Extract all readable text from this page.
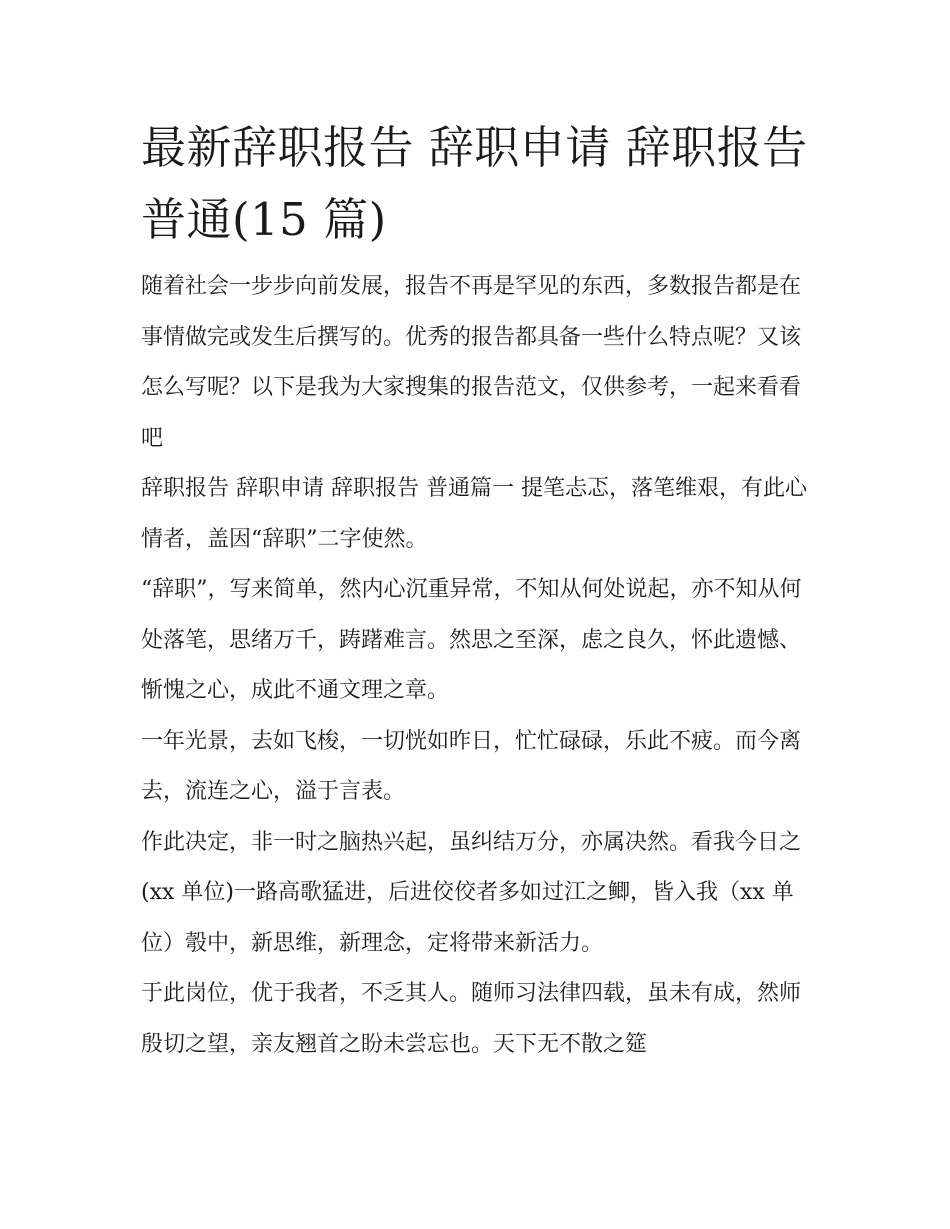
最新辞职报告 辞职申请 辞职报告 普通(15 篇)

随着社会一步步向前发展，报告不再是罕见的东西，多数报告都是在事情做完或发生后撰写的。优秀的报告都具备一些什么特点呢？又该怎么写呢？以下是我为大家搜集的报告范文，仅供参考，一起来看看吧

辞职报告 辞职申请 辞职报告 普通篇一 提笔忐忑，落笔维艰，有此心情者，盖因“辞职”二字使然。

“辞职”，写来简单，然内心沉重异常，不知从何处说起，亦不知从何处落笔，思绪万千，踌躇难言。然思之至深，虑之良久，怀此遗憾、惭愧之心，成此不通文理之章。

一年光景，去如飞梭，一切恍如昨日，忙忙碌碌，乐此不疲。而今离去，流连之心，溢于言表。

作此决定，非一时之脑热兴起，虽纠结万分，亦属决然。看我今日之(xx 单位)一路高歌猛进，后进佼佼者多如过江之鲫，皆入我（xx 单位）彀中，新思维，新理念，定将带来新活力。

于此岗位，优于我者，不乏其人。随师习法律四载，虽未有成，然师殷切之望，亲友翘首之盼未尝忘也。天下无不散之筵
